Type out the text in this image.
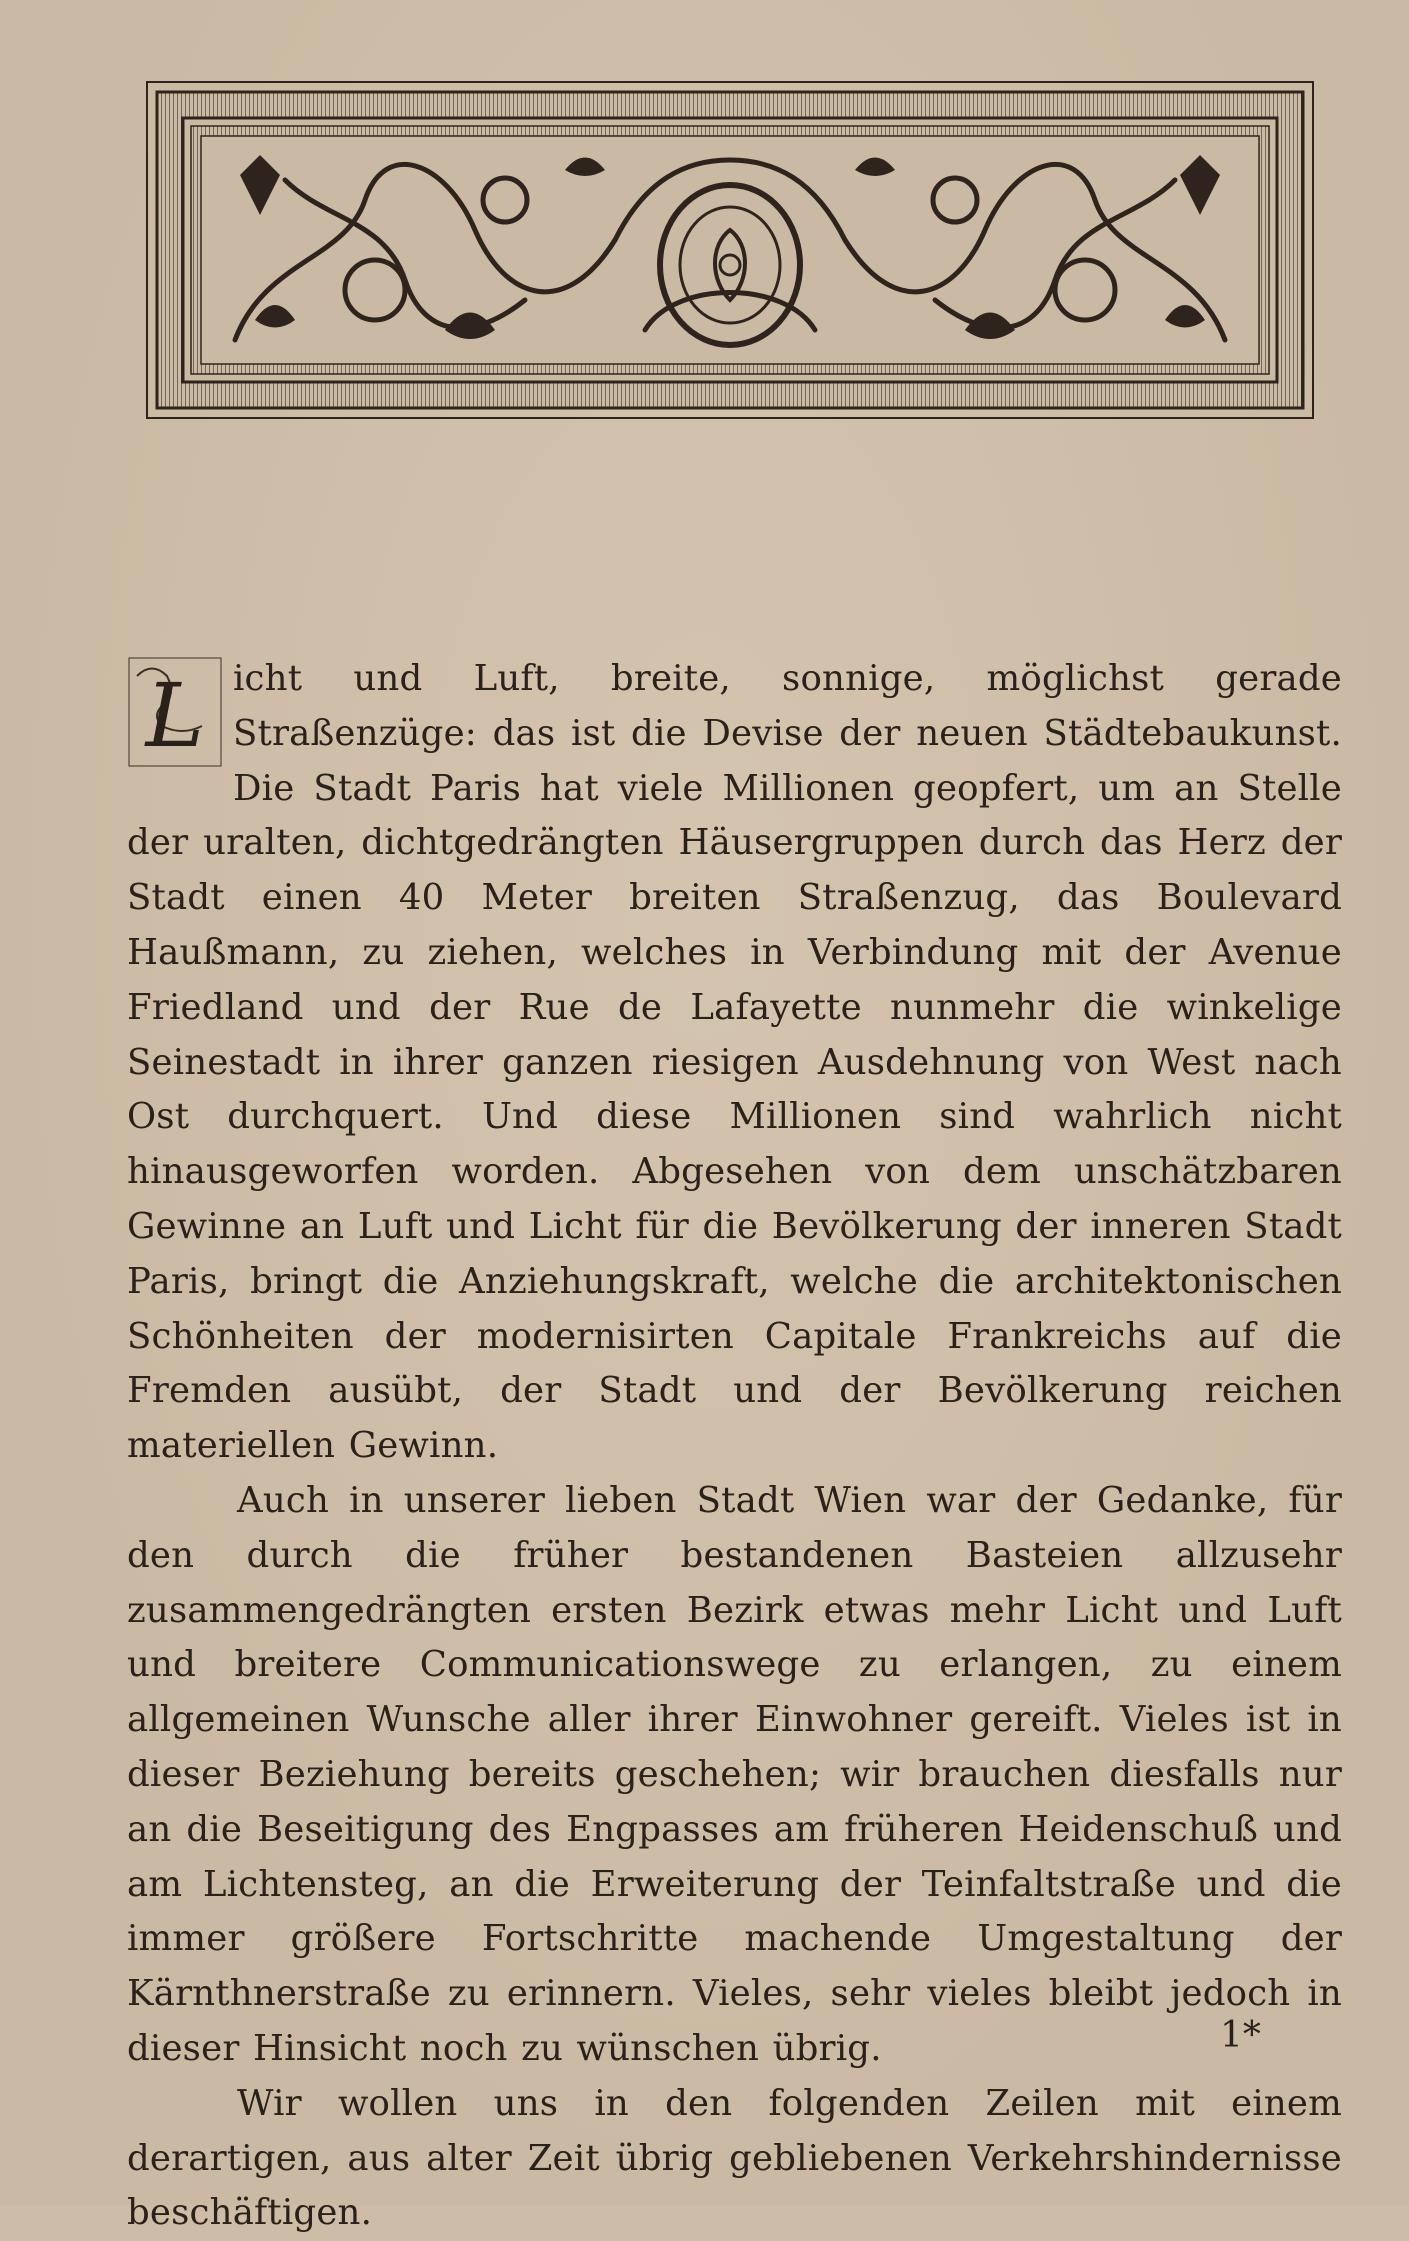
L icht und Luft, breite, sonnige, möglichst gerade Straßenzüge: das ist die Devise der neuen Städtebaukunst. Die Stadt Paris hat viele Millionen geopfert, um an Stelle der uralten, dichtgedrängten Häusergruppen durch das Herz der Stadt einen 40 Meter breiten Straßenzug, das Boulevard Haußmann, zu ziehen, welches in Verbindung mit der Avenue Friedland und der Rue de Lafayette nunmehr die winkelige Seinestadt in ihrer ganzen riesigen Ausdehnung von West nach Ost durchquert. Und diese Millionen sind wahrlich nicht hinausgeworfen worden. Abgesehen von dem unschätzbaren Gewinne an Luft und Licht für die Bevölkerung der inneren Stadt Paris, bringt die Anziehungskraft, welche die architektonischen Schönheiten der modernisirten Capitale Frankreichs auf die Fremden ausübt, der Stadt und der Bevölkerung reichen materiellen Gewinn.

Auch in unserer lieben Stadt Wien war der Gedanke, für den durch die früher bestandenen Basteien allzusehr zusammengedrängten ersten Bezirk etwas mehr Licht und Luft und breitere Communicationswege zu erlangen, zu einem allgemeinen Wunsche aller ihrer Einwohner gereift. Vieles ist in dieser Beziehung bereits geschehen; wir brauchen diesfalls nur an die Beseitigung des Engpasses am früheren Heidenschuß und am Lichtensteg, an die Erweiterung der Teinfaltstraße und die immer größere Fortschritte machende Umgestaltung der Kärnthnerstraße zu erinnern. Vieles, sehr vieles bleibt jedoch in dieser Hinsicht noch zu wünschen übrig.

Wir wollen uns in den folgenden Zeilen mit einem derartigen, aus alter Zeit übrig gebliebenen Verkehrshindernisse beschäftigen.

1*
